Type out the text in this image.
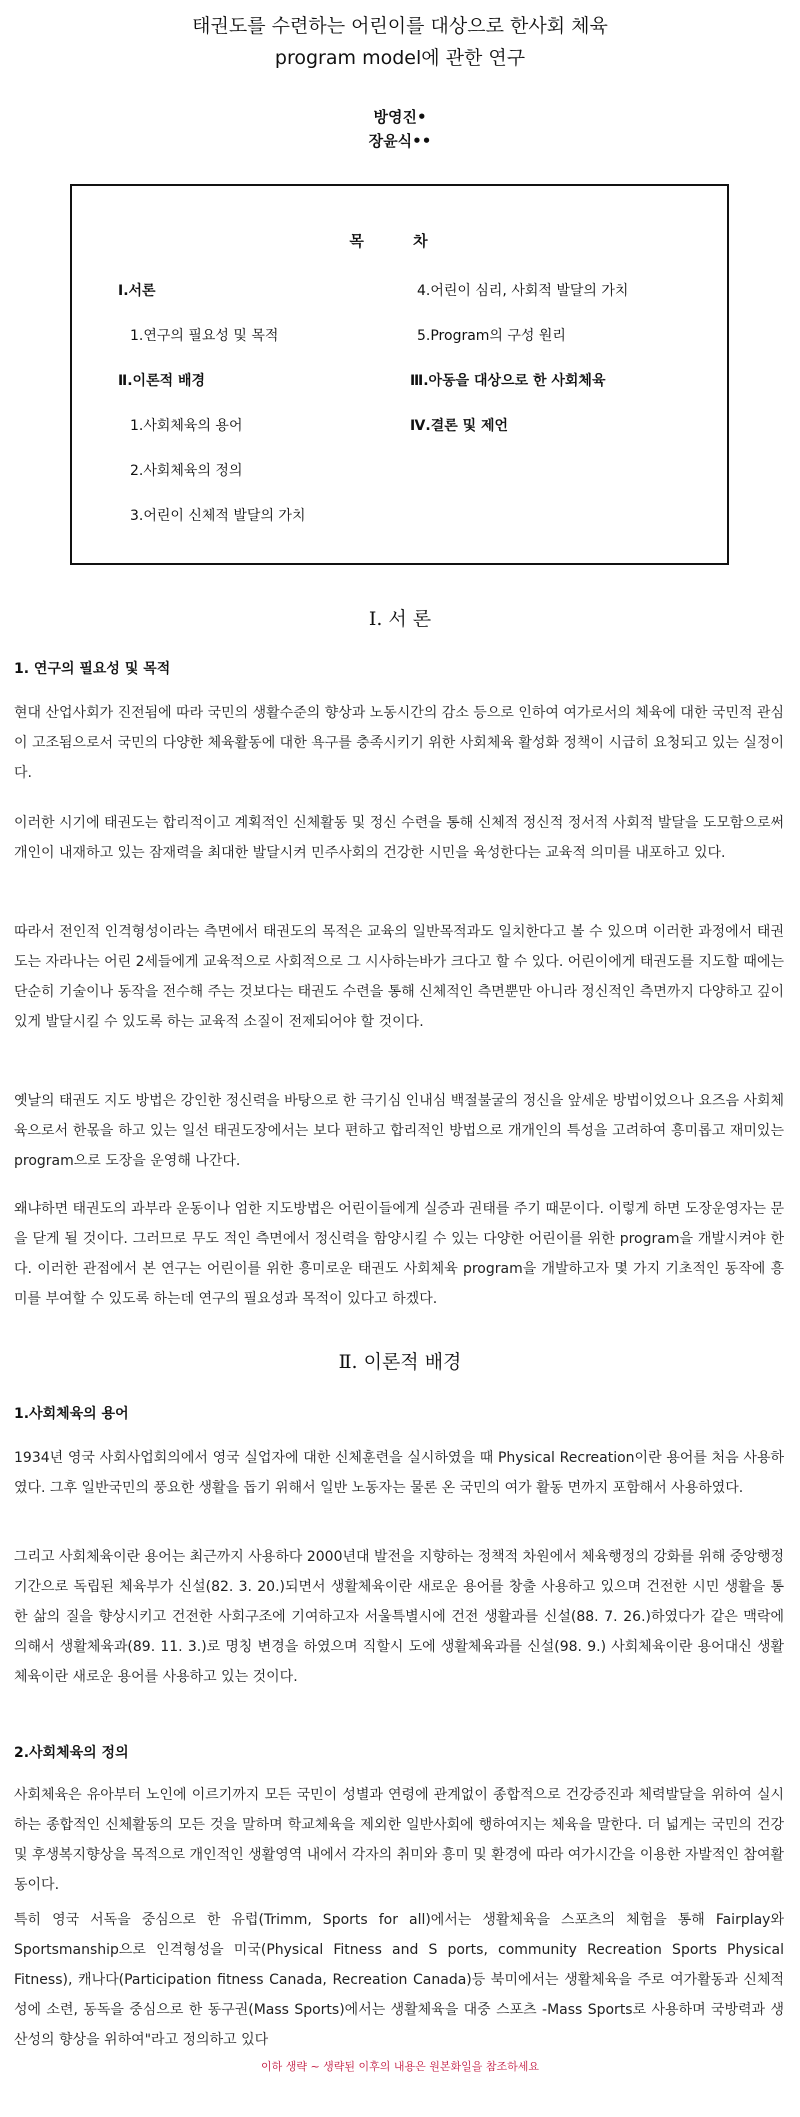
태권도를 수련하는 어린이를 대상으로 한사회 체육
program model에 관한 연구
방영진•
장윤식••
목 차
Ⅰ.서론
1.연구의 필요성 및 목적
Ⅱ.이론적 배경
1.사회체육의 용어
2.사회체육의 정의
3.어린이 신체적 발달의 가치
4.어린이 심리, 사회적 발달의 가치
5.Program의 구성 원리
Ⅲ.아동을 대상으로 한 사회체육
Ⅳ.결론 및 제언
Ⅰ. 서 론
1. 연구의 필요성 및 목적

현대 산업사회가 진전됨에 따라 국민의 생활수준의 향상과 노동시간의 감소 등으로 인하여 여가로서의 체육에 대한 국민적 관심이 고조됨으로서 국민의 다양한 체육활동에 대한 욕구를 충족시키기 위한 사회체육 활성화 정책이 시급히 요청되고 있는 실정이다.

이러한 시기에 태권도는 합리적이고 계획적인 신체활동 및 정신 수련을 통해 신체적 정신적 정서적 사회적 발달을 도모함으로써 개인이 내재하고 있는 잠재력을 최대한 발달시켜 민주사회의 건강한 시민을 육성한다는 교육적 의미를 내포하고 있다.

따라서 전인적 인격형성이라는 측면에서 태권도의 목적은 교육의 일반목적과도 일치한다고 볼 수 있으며 이러한 과정에서 태권도는 자라나는 어린 2세들에게 교육적으로 사회적으로 그 시사하는바가 크다고 할 수 있다. 어린이에게 태권도를 지도할 때에는 단순히 기술이나 동작을 전수해 주는 것보다는 태권도 수련을 통해 신체적인 측면뿐만 아니라 정신적인 측면까지 다양하고 깊이 있게 발달시킬 수 있도록 하는 교육적 소질이 전제되어야 할 것이다.

옛날의 태권도 지도 방법은 강인한 정신력을 바탕으로 한 극기심 인내심 백절불굴의 정신을 앞세운 방법이었으나 요즈음 사회체육으로서 한몫을 하고 있는 일선 태권도장에서는 보다 편하고 합리적인 방법으로 개개인의 특성을 고려하여 흥미롭고 재미있는 program으로 도장을 운영해 나간다.

왜냐하면 태권도의 과부라 운동이나 엄한 지도방법은 어린이들에게 실증과 권태를 주기 때문이다. 이렇게 하면 도장운영자는 문을 닫게 될 것이다. 그러므로 무도 적인 측면에서 정신력을 함양시킬 수 있는 다양한 어린이를 위한 program을 개발시켜야 한다. 이러한 관점에서 본 연구는 어린이를 위한 흥미로운 태권도 사회체육 program을 개발하고자 몇 가지 기초적인 동작에 흥미를 부여할 수 있도록 하는데 연구의 필요성과 목적이 있다고 하겠다.

Ⅱ. 이론적 배경
1.사회체육의 용어

1934년 영국 사회사업회의에서 영국 실업자에 대한 신체훈련을 실시하였을 때 Physical Recreation이란 용어를 처음 사용하였다. 그후 일반국민의 풍요한 생활을 돕기 위해서 일반 노동자는 물론 온 국민의 여가 활동 면까지 포함해서 사용하였다.

그리고 사회체육이란 용어는 최근까지 사용하다 2000년대 발전을 지향하는 정책적 차원에서 체육행정의 강화를 위해 중앙행정기간으로 독립된 체육부가 신설(82. 3. 20.)되면서 생활체육이란 새로운 용어를 창출 사용하고 있으며 건전한 시민 생활을 통한 삶의 질을 향상시키고 건전한 사회구조에 기여하고자 서울특별시에 건전 생활과를 신설(88. 7. 26.)하였다가 같은 맥락에 의해서 생활체육과(89. 11. 3.)로 명칭 변경을 하였으며 직할시 도에 생활체육과를 신설(98. 9.) 사회체육이란 용어대신 생활체육이란 새로운 용어를 사용하고 있는 것이다.

2.사회체육의 정의

사회체육은 유아부터 노인에 이르기까지 모든 국민이 성별과 연령에 관계없이 종합적으로 건강증진과 체력발달을 위하여 실시하는 종합적인 신체활동의 모든 것을 말하며 학교체육을 제외한 일반사회에 행하여지는 체육을 말한다. 더 넓게는 국민의 건강 및 후생복지향상을 목적으로 개인적인 생활영역 내에서 각자의 취미와 흥미 및 환경에 따라 여가시간을 이용한 자발적인 참여활동이다.

특히 영국 서독을 중심으로 한 유럽(Trimm, Sports for all)에서는 생활체육을 스포츠의 체험을 통해 Fairplay와 Sportsmanship으로 인격형성을 미국(Physical Fitness and S ports, community Recreation Sports Physical Fitness), 캐나다(Participation fitness Canada, Recreation Canada)등 북미에서는 생활체육을 주로 여가활동과 신체적성에 소련, 동독을 중심으로 한 동구권(Mass Sports)에서는 생활체육을 대중 스포츠 -Mass Sports로 사용하며 국방력과 생산성의 향상을 위하여"라고 정의하고 있다

이하 생략 ~ 생략된 이후의 내용은 원본화일을 참조하세요
